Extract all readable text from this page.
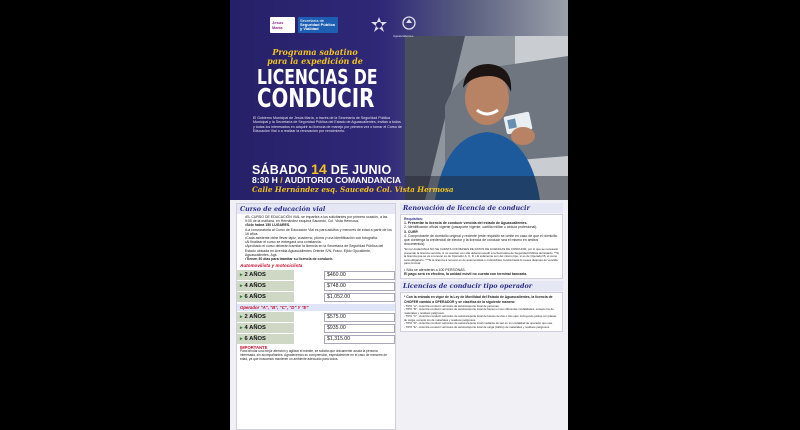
Jesús María
Secretaría de
Seguridad Pública
y Vialidad
Aguascalientes
Programa sabatino
para la expedición de
LICENCIAS DE
CONDUCIR
El Gobierno Municipal de Jesús María, a través de la Secretaría de Seguridad Pública Municipal y la Secretaría de Seguridad Pública del Estado de Aguascalientes, invitan a todos y todas los interesados en adquirir su licencia de manejo por primera vez o tomar el Curso de Educación Vial o a realizar la renovación por vencimiento.
SÁBADO 14 DE JUNIO
8:30 H / AUDITORIO COMANDANCIA
Calle Hernández esq. Saucedo Col. Vista Hermosa
Curso de educación vial
•EL CURSO DE EDUCACIÓN VIAL se impartirá a los solicitantes por primera ocasión, a las 9:00 de la mañana, en Hernández esquina Saucedo, Col. Vista Hermosa.
•Sólo habrá 150 LUGARES.
•La convocatoria al Curso de Educación Vial es para adultos y menores de edad a partir de los 16 años.
•Cada asistente debe llevar lápiz, cuaderno, pluma y una identificación con fotografía.
•Al finalizar el curso se entregará una constancia.
•Aprobado el curso deberán tramitar la licencia en la Secretaría de Seguridad Pública del Estado ubicada en Avenida Aguascalientes Oriente S/N, Fracc. Ejido Ojocaliente, Aguascalientes, Ags.
•Tienen 30 días para tramitar su licencia de conducir.
Automovilista y motociclista
▸ 2 AÑOS	$460.00
▸ 4 AÑOS	$748.00
▸ 6 AÑOS	$1,052.00
Operador "A", "B", "C", "D" Y "E"
▸ 2 AÑOS	$575.00
▸ 4 AÑOS	$935.00
▸ 6 AÑOS	$1,315.00
IMPORTANTE
Para brindar una mejor atención y agilizar el trámite, se solicita que únicamente acuda la persona interesada, sin acompañantes. Agradecemos su comprensión, especialmente en el caso de menores de edad, ya que buscamos mantener un ambiente adecuado para todos.
Renovación de licencia de conducir
Requisitos:
1. Presentar la licencia de conducir vencida del estado de Aguascalientes.
2. Identificación oficial vigente (pasaporte vigente, cartilla militar o cédula profesional).
3. CURP.
4. Comprobante de domicilio original y reciente (este requisito se omite en caso de que el domicilio que contenga la credencial de elector y la licencia de conducir sea el mismo en ambos documentos).
*En la Unidad Móvil NO SE CUENTA CON BASES DE DATOS DE LICENCIAS DE CONDUCIR, por lo que se necesario presentar la licencia vencida, si no cuentan con ella deberán acudir a la Secretaría de Seguridad Pública del Estado. **Si la licencia que se va a renovar es de Operador A, C, D o E solamente son del mismo tipo, si es de Operador B, el curso será obligatorio. ***Si la licencia a renovar es de automovilista o motociclista, tendrá hasta 6 meses después de vencida para renovar.
• Sólo se atenderán a 100 PERSONAS.
El pago será en efectivo, la unidad móvil no cuenta con terminal bancaria.
Licencias de conducir tipo operador
* Con la entrada en vigor de la Ley de Movilidad del Estado de Aguascalientes, la licencia de CHOFER cambió a OPERADOR y se clasifica de la siguiente manera:
- TIPO "A".- Autoriza conducir vehículos de autotransporte local de personas.
- TIPO "B".- Autoriza conducir vehículos de autotransporte local de bienes en sus diferentes modalidades, excepto los de materiales y residuos peligrosos.
- TIPO "C".- Autoriza conducir vehículos de autotransporte local de bienes de dos o tres ejes, incluyendo pickup con placas de carga, excepto los de materiales y residuos peligrosos.
- TIPO "D".- Autoriza conducir vehículos de autotransporte local mediante de taxi en su modalidad de operador que sea.
- TIPO "E".- Autoriza conducir vehículos de autotransporte local de carga (tráfico) de materiales y residuos peligrosos.
